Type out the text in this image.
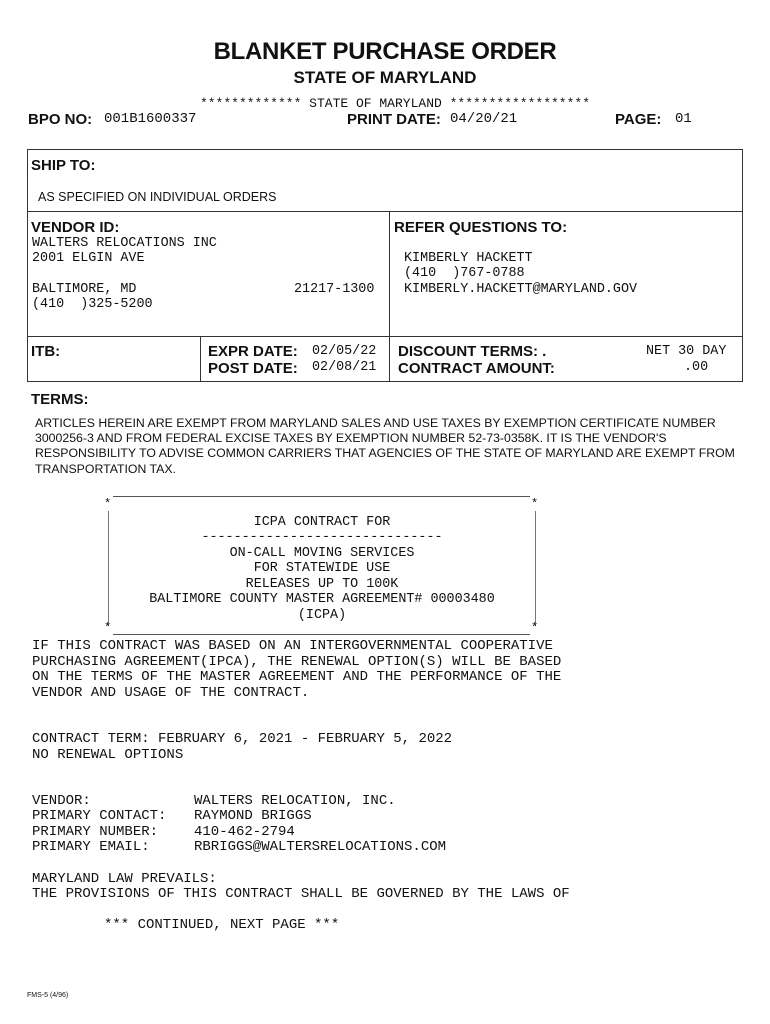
BLANKET PURCHASE ORDER
STATE OF MARYLAND
************* STATE OF MARYLAND ******************
BPO NO: 001B1600337	PRINT DATE: 04/20/21	PAGE: 01
SHIP TO:
AS SPECIFIED ON INDIVIDUAL ORDERS
VENDOR ID:
WALTERS RELOCATIONS INC
2001 ELGIN AVE
BALTIMORE, MD	21217-1300
(410  )325-5200
REFER QUESTIONS TO:
KIMBERLY HACKETT
(410  )767-0788
KIMBERLY.HACKETT@MARYLAND.GOV
ITB:	EXPR DATE: 02/05/22
POST DATE: 02/08/21
DISCOUNT TERMS: .	NET 30 DAY
CONTRACT AMOUNT:	.00
TERMS:
ARTICLES HEREIN ARE EXEMPT FROM MARYLAND SALES AND USE TAXES BY EXEMPTION CERTIFICATE NUMBER 3000256-3 AND FROM FEDERAL EXCISE TAXES BY EXEMPTION NUMBER 52-73-0358K. IT IS THE VENDOR'S RESPONSIBILITY TO ADVISE COMMON CARRIERS THAT AGENCIES OF THE STATE OF MARYLAND ARE EXEMPT FROM TRANSPORTATION TAX.
*	*
*	*
ICPA CONTRACT FOR
------------------------------
ON-CALL MOVING SERVICES
FOR STATEWIDE USE
RELEASES UP TO 100K
BALTIMORE COUNTY MASTER AGREEMENT# 00003480
(ICPA)
IF THIS CONTRACT WAS BASED ON AN INTERGOVERNMENTAL COOPERATIVE
PURCHASING AGREEMENT(IPCA), THE RENEWAL OPTION(S) WILL BE BASED
ON THE TERMS OF THE MASTER AGREEMENT AND THE PERFORMANCE OF THE
VENDOR AND USAGE OF THE CONTRACT.
CONTRACT TERM: FEBRUARY 6, 2021 - FEBRUARY 5, 2022
NO RENEWAL OPTIONS
VENDOR:	WALTERS RELOCATION, INC.
PRIMARY CONTACT: RAYMOND BRIGGS
PRIMARY NUMBER:	410-462-2794
PRIMARY EMAIL:	RBRIGGS@WALTERSRELOCATIONS.COM
MARYLAND LAW PREVAILS:
THE PROVISIONS OF THIS CONTRACT SHALL BE GOVERNED BY THE LAWS OF
*** CONTINUED, NEXT PAGE ***
FMS-5 (4/96)
